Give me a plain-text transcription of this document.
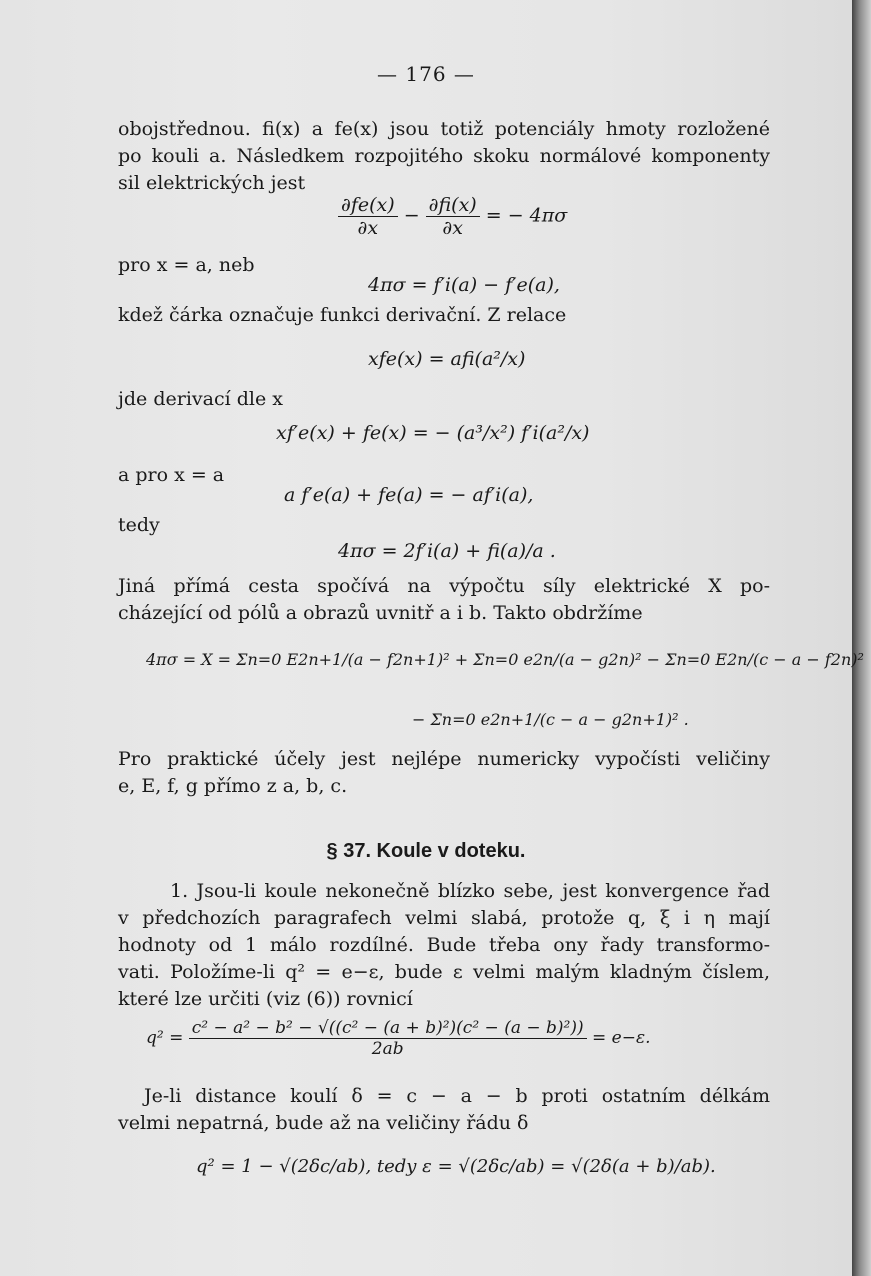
— 176 —
obojstřednou. fi(x) a fe(x) jsou totiž potenciály hmoty rozložené
po kouli a. Následkem rozpojitého skoku normálové komponenty
sil elektrických jest
$\frac{\partial fe(x)}{\partial x} - \frac{\partial fi(x)}{\partial x}$ = − 4πσ
pro x = a, neb
4πσ = f′i(a) − f′e(a),
kdež čárka označuje funkci derivační. Z relace
xfe(x) = afi(a²/x)
jde derivací dle x
xf′e(x) + fe(x) = − (a³/x²) f′i(a²/x)
a pro x = a
a f′e(a) + fe(a) = − af′i(a),
tedy
4πσ = 2f′i(a) + fi(a)/a .
Jiná přímá cesta spočívá na výpočtu síly elektrické X po-
cházející od pólů a obrazů uvnitř a i b. Takto obdržíme
4πσ = X = Σn=0 E2n+1/(a − f2n+1)² + Σn=0 e2n/(a − g2n)² − Σn=0 E2n/(c − a − f2n)²
− Σn=0 e2n+1/(c − a − g2n+1)² .
Pro praktické účely jest nejlépe numericky vypočísti veličiny
e, E, f, g přímo z a, b, c.
§ 37. Koule v doteku.
1. Jsou-li koule nekonečně blízko sebe, jest konvergence řad
v předchozích paragrafech velmi slabá, protože q, ξ i η mají
hodnoty od 1 málo rozdílné. Bude třeba ony řady transformo-
vati. Položíme-li q² = e−ε, bude ε velmi malým kladným číslem,
které lze určiti (viz (6)) rovnicí
$q^2 = \frac{\text{c² − a² − b² − √((c² − (a + b)²)(c² − (a − b)²))}}{2ab} = e-\varepsilon$.
Je-li distance koulí δ = c − a − b proti ostatním délkám
velmi nepatrná, bude až na veličiny řádu δ
q² = 1 − √(2δc/ab), tedy ε = √(2δc/ab) = √(2δ(a + b)/ab).
